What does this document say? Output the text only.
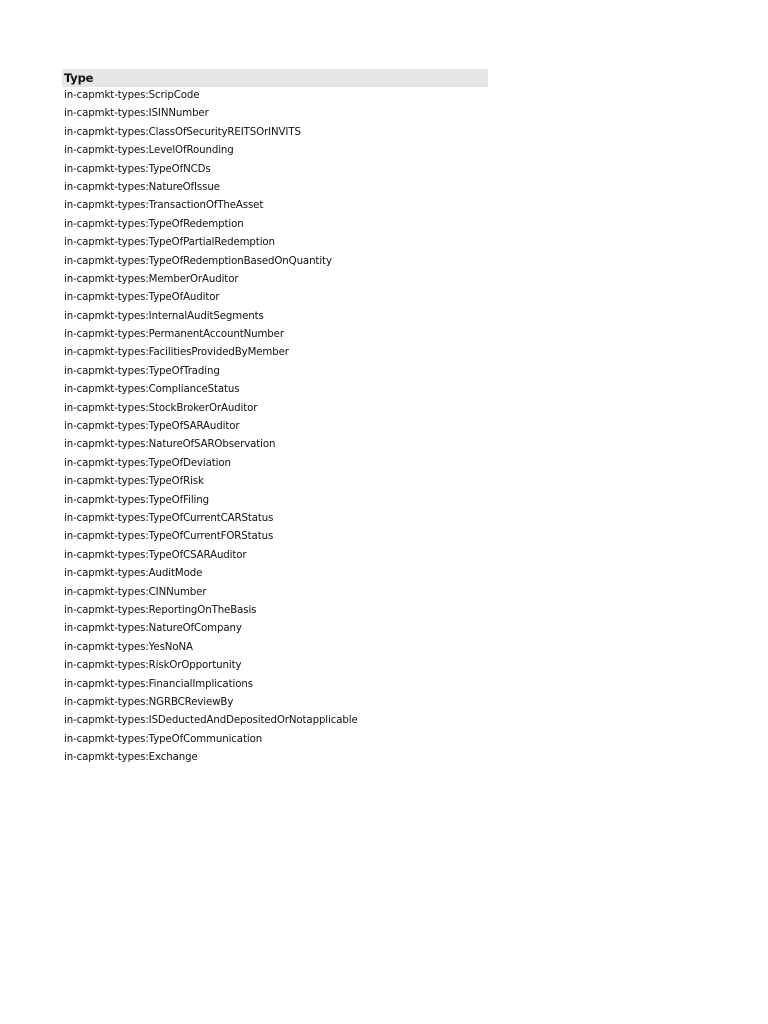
Type
in-capmkt-types:ScripCode
in-capmkt-types:ISINNumber
in-capmkt-types:ClassOfSecurityREITSOrINVITS
in-capmkt-types:LevelOfRounding
in-capmkt-types:TypeOfNCDs
in-capmkt-types:NatureOfIssue
in-capmkt-types:TransactionOfTheAsset
in-capmkt-types:TypeOfRedemption
in-capmkt-types:TypeOfPartialRedemption
in-capmkt-types:TypeOfRedemptionBasedOnQuantity
in-capmkt-types:MemberOrAuditor
in-capmkt-types:TypeOfAuditor
in-capmkt-types:InternalAuditSegments
in-capmkt-types:PermanentAccountNumber
in-capmkt-types:FacilitiesProvidedByMember
in-capmkt-types:TypeOfTrading
in-capmkt-types:ComplianceStatus
in-capmkt-types:StockBrokerOrAuditor
in-capmkt-types:TypeOfSARAuditor
in-capmkt-types:NatureOfSARObservation
in-capmkt-types:TypeOfDeviation
in-capmkt-types:TypeOfRisk
in-capmkt-types:TypeOfFiling
in-capmkt-types:TypeOfCurrentCARStatus
in-capmkt-types:TypeOfCurrentFORStatus
in-capmkt-types:TypeOfCSARAuditor
in-capmkt-types:AuditMode
in-capmkt-types:CINNumber
in-capmkt-types:ReportingOnTheBasis
in-capmkt-types:NatureOfCompany
in-capmkt-types:YesNoNA
in-capmkt-types:RiskOrOpportunity
in-capmkt-types:FinancialImplications
in-capmkt-types:NGRBCReviewBy
in-capmkt-types:ISDeductedAndDepositedOrNotapplicable
in-capmkt-types:TypeOfCommunication
in-capmkt-types:Exchange
